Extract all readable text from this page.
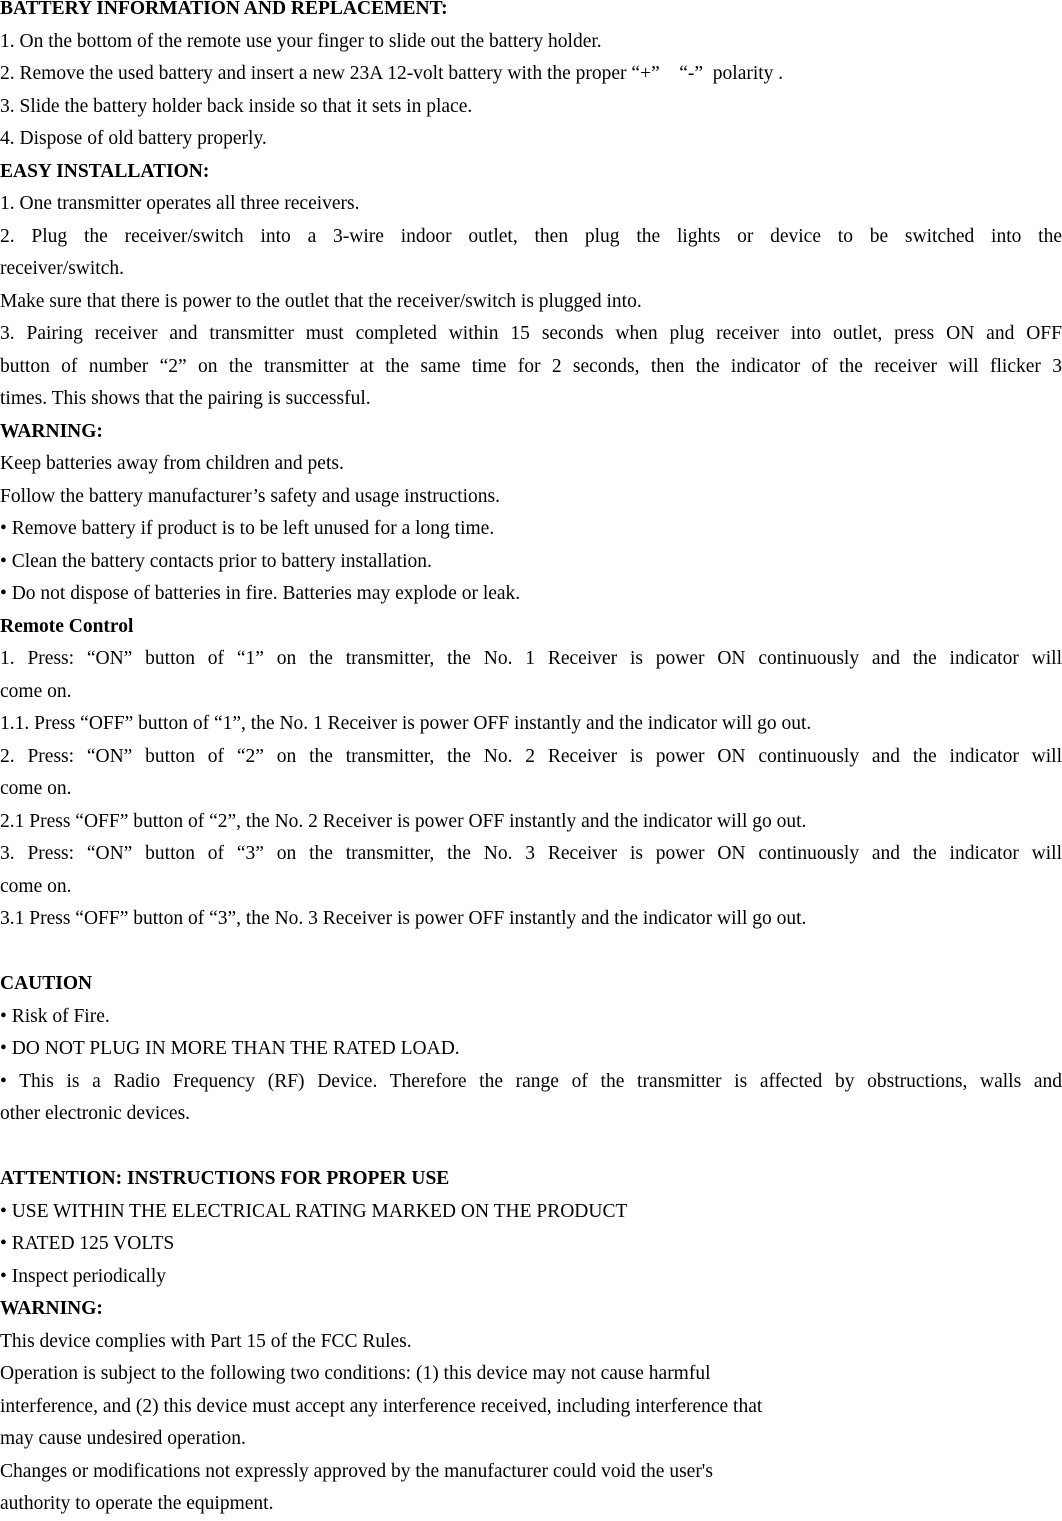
BATTERY INFORMATION AND REPLACEMENT:
1. On the bottom of the remote use your finger to slide out the battery holder.
2. Remove the used battery and insert a new 23A 12-volt battery with the proper “+”    “-”  polarity .
3. Slide the battery holder back inside so that it sets in place.
4. Dispose of old battery properly.
EASY INSTALLATION:
1. One transmitter operates all three receivers.
2. Plug the receiver/switch into a 3-wire indoor outlet, then plug the lights or device to be switched into the
receiver/switch.
Make sure that there is power to the outlet that the receiver/switch is plugged into.
3. Pairing receiver and transmitter must completed within 15 seconds when plug receiver into outlet, press ON and OFF
button of number “2” on the transmitter at the same time for 2 seconds, then the indicator of the receiver will flicker 3
times. This shows that the pairing is successful.
WARNING:
Keep batteries away from children and pets.
Follow the battery manufacturer’s safety and usage instructions.
• Remove battery if product is to be left unused for a long time.
• Clean the battery contacts prior to battery installation.
• Do not dispose of batteries in fire. Batteries may explode or leak.
Remote Control
1. Press: “ON” button of “1” on the transmitter, the No. 1 Receiver is power ON continuously and the indicator will
come on.
1.1. Press “OFF” button of “1”, the No. 1 Receiver is power OFF instantly and the indicator will go out.
2. Press: “ON” button of “2” on the transmitter, the No. 2 Receiver is power ON continuously and the indicator will
come on.
2.1 Press “OFF” button of “2”, the No. 2 Receiver is power OFF instantly and the indicator will go out.
3. Press: “ON” button of “3” on the transmitter, the No. 3 Receiver is power ON continuously and the indicator will
come on.
3.1 Press “OFF” button of “3”, the No. 3 Receiver is power OFF instantly and the indicator will go out.
CAUTION
• Risk of Fire.
• DO NOT PLUG IN MORE THAN THE RATED LOAD.
• This is a Radio Frequency (RF) Device. Therefore the range of the transmitter is affected by obstructions, walls and
other electronic devices.
ATTENTION: INSTRUCTIONS FOR PROPER USE
• USE WITHIN THE ELECTRICAL RATING MARKED ON THE PRODUCT
• RATED 125 VOLTS
• Inspect periodically
WARNING:
This device complies with Part 15 of the FCC Rules.
Operation is subject to the following two conditions: (1) this device may not cause harmful
interference, and (2) this device must accept any interference received, including interference that
may cause undesired operation.
Changes or modifications not expressly approved by the manufacturer could void the user's
authority to operate the equipment.
